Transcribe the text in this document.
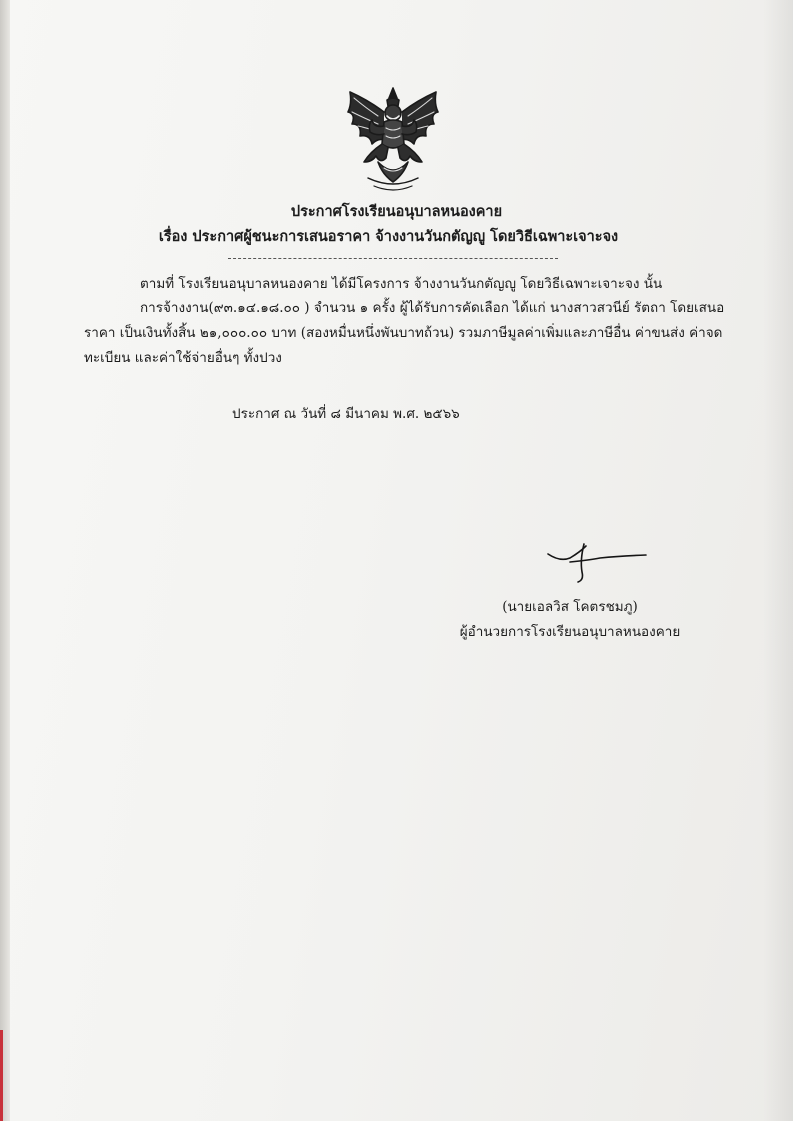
ประกาศโรงเรียนอนุบาลหนองคาย
เรื่อง ประกาศผู้ชนะการเสนอราคา จ้างงานวันกตัญญู โดยวิธีเฉพาะเจาะจง
ตามที่ โรงเรียนอนุบาลหนองคาย ได้มีโครงการ จ้างงานวันกตัญญู โดยวิธีเฉพาะเจาะจง นั้น
การจ้างงาน(๙๓.๑๔.๑๘.๐๐ ) จำนวน ๑ ครั้ง ผู้ได้รับการคัดเลือก ได้แก่ นางสาวสวนีย์ รัตถา โดยเสนอ
ราคา เป็นเงินทั้งสิ้น ๒๑,๐๐๐.๐๐ บาท (สองหมื่นหนึ่งพันบาทถ้วน) รวมภาษีมูลค่าเพิ่มและภาษีอื่น ค่าขนส่ง ค่าจด
ทะเบียน และค่าใช้จ่ายอื่นๆ ทั้งปวง
ประกาศ ณ วันที่ ๘ มีนาคม พ.ศ. ๒๕๖๖
(นายเอลวิส โคตรชมภู)
ผู้อำนวยการโรงเรียนอนุบาลหนองคาย
